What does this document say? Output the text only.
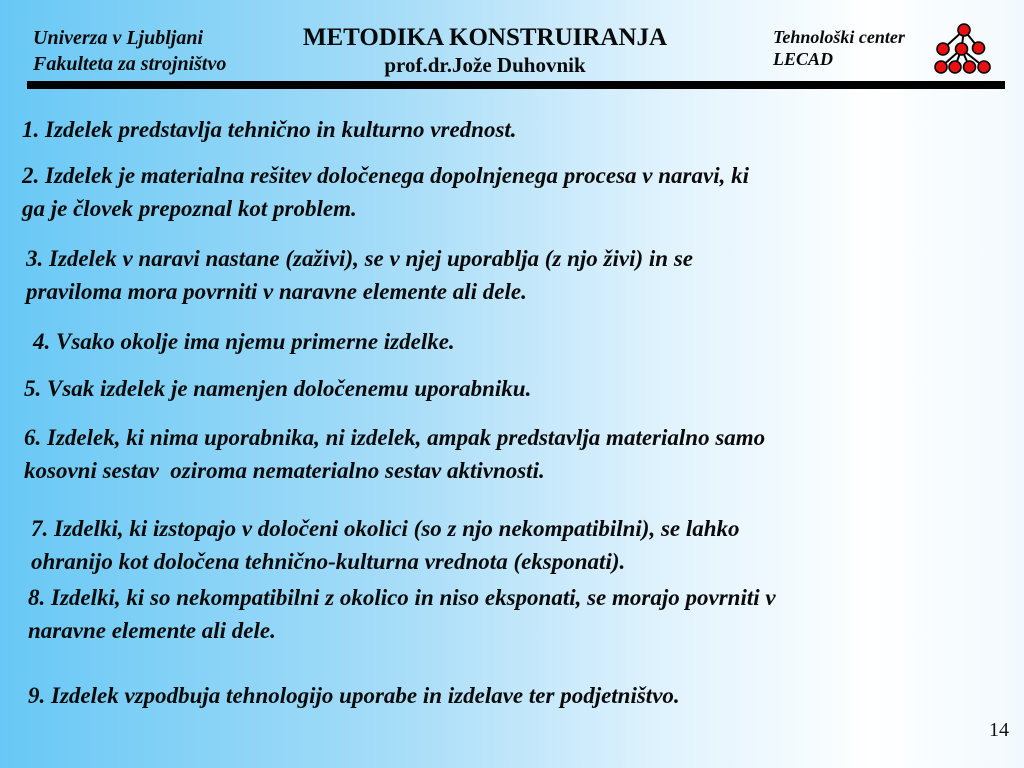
Univerza v Ljubljani
Fakulteta za strojništvo
METODIKA KONSTRUIRANJA
prof.dr.Jože Duhovnik
Tehnološki center
LECAD

1. Izdelek predstavlja tehnično in kulturno vrednost.

2. Izdelek je materialna rešitev določenega dopolnjenega procesa v naravi, ki
ga je človek prepoznal kot problem.

3. Izdelek v naravi nastane (zaživi), se v njej uporablja (z njo živi) in se
praviloma mora povrniti v naravne elemente ali dele.

4. Vsako okolje ima njemu primerne izdelke.

5. Vsak izdelek je namenjen določenemu uporabniku.

6. Izdelek, ki nima uporabnika, ni izdelek, ampak predstavlja materialno samo
kosovni sestav  oziroma nematerialno sestav aktivnosti.

7. Izdelki, ki izstopajo v določeni okolici (so z njo nekompatibilni), se lahko
ohranijo kot določena tehnično-kulturna vrednota (eksponati).

8. Izdelki, ki so nekompatibilni z okolico in niso eksponati, se morajo povrniti v
naravne elemente ali dele.

9. Izdelek vzpodbuja tehnologijo uporabe in izdelave ter podjetništvo.

14
